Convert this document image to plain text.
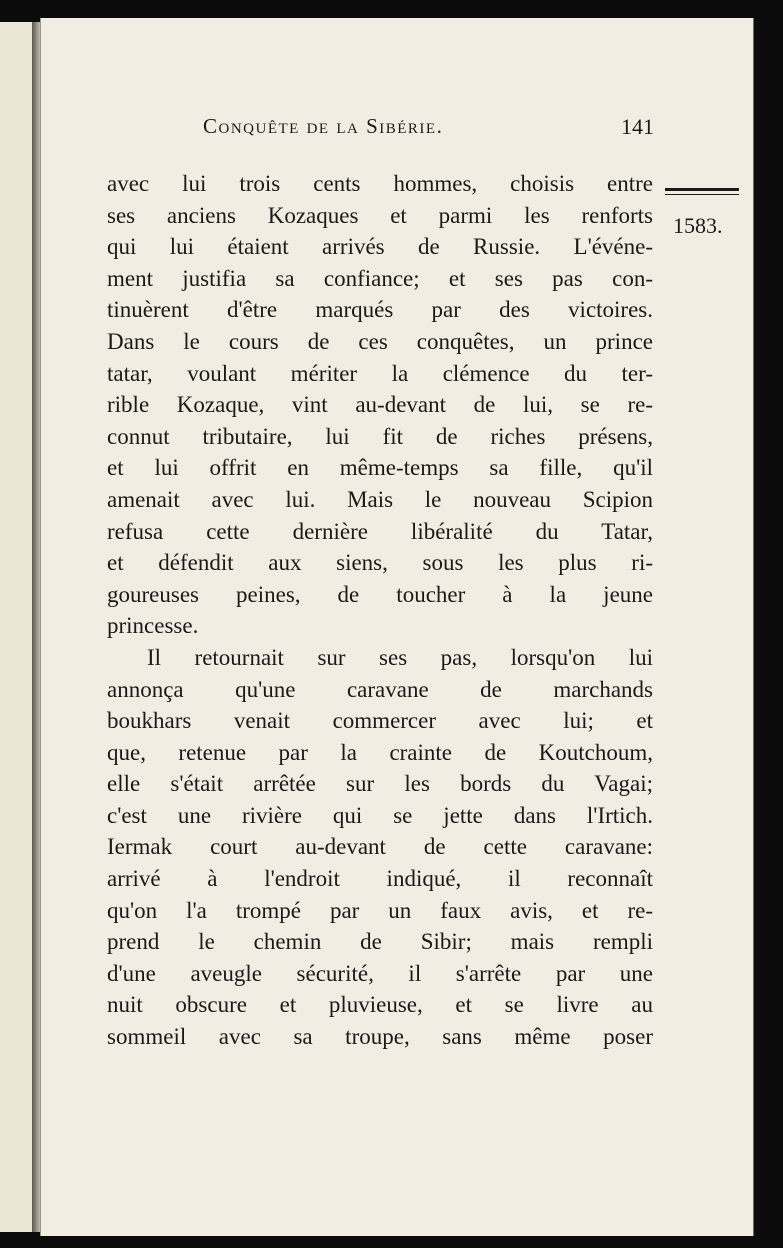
Conquête de la Sibérie.	141
1583.
avec lui trois cents hommes, choisis entre
ses anciens Kozaques et parmi les renforts
qui lui étaient arrivés de Russie. L'événe-
ment justifia sa confiance; et ses pas con-
tinuèrent d'être marqués par des victoires.
Dans le cours de ces conquêtes, un prince
tatar, voulant mériter la clémence du ter-
rible Kozaque, vint au-devant de lui, se re-
connut tributaire, lui fit de riches présens,
et lui offrit en même-temps sa fille, qu'il
amenait avec lui. Mais le nouveau Scipion
refusa cette dernière libéralité du Tatar,
et défendit aux siens, sous les plus ri-
goureuses peines, de toucher à la jeune
princesse.
Il retournait sur ses pas, lorsqu'on lui
annonça qu'une caravane de marchands
boukhars venait commercer avec lui; et
que, retenue par la crainte de Koutchoum,
elle s'était arrêtée sur les bords du Vagai;
c'est une rivière qui se jette dans l'Irtich.
Iermak court au-devant de cette caravane:
arrivé à l'endroit indiqué, il reconnaît
qu'on l'a trompé par un faux avis, et re-
prend le chemin de Sibir; mais rempli
d'une aveugle sécurité, il s'arrête par une
nuit obscure et pluvieuse, et se livre au
sommeil avec sa troupe, sans même poser
